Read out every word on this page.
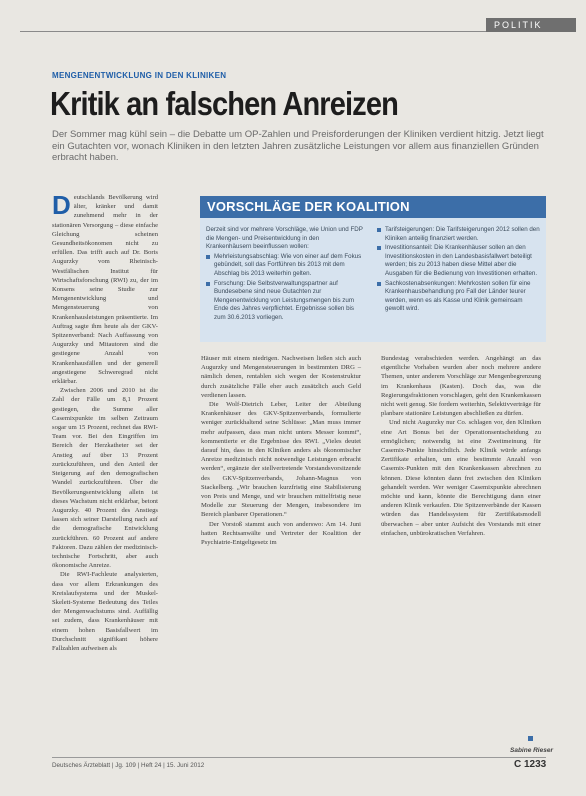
POLITIK
MENGENENTWICKLUNG IN DEN KLINIKEN
Kritik an falschen Anreizen
Der Sommer mag kühl sein – die Debatte um OP-Zahlen und Preisforderungen der Kliniken verdient hitzig. Jetzt liegt ein Gutachten vor, wonach Kliniken in den letzten Jahren zusätzliche Leistungen vor allem aus finanziellen Gründen erbracht haben.

Deutschlands Bevölkerung wird älter, kränker und damit zunehmend mehr in der stationären Versorgung – diese einfache Gleichung scheinen Gesundheitsökonomen nicht zu erfüllen. Das trifft auch auf Dr. Boris Augurzky vom Rheinisch-Westfälischen Institut für Wirtschaftsforschung (RWI) zu, der im Konsens seine Studie zur Mengenentwicklung und Mengensteuerung von Krankenhausleistungen präsentierte. Im Auftrag sagte ihm heute als der GKV-Spitzenverband: Nach Auffassung von Augurzky und Mitautoren sind die gestiegene Anzahl von Krankenhausfällen und der generell angestiegene Schweregrad nicht erklärbar.

Zwischen 2006 und 2010 ist die Zahl der Fälle um 8,1 Prozent gestiegen, die Summe aller Casemixpunkte im selben Zeitraum sogar um 15 Prozent, rechnet das RWI-Team vor. Bei den Eingriffen im Bereich der Herzkatheter sei der Anstieg auf über 13 Prozent zurückzuführen, und den Anteil der Steigerung auf den demografischen Wandel zurückzuführen. Über die Bevölkerungsentwicklung allein ist dieses Wachstum nicht erklärbar, betont Augurzky. 40 Prozent des Anstiegs lassen sich seiner Darstellung nach auf die demografische Entwicklung zurückführen. 60 Prozent auf andere Faktoren. Dazu zählen der medizinisch-technische Fortschritt, aber auch ökonomische Anreize.

Die RWI-Fachleute analysierten, dass vor allem Erkrankungen des Kreislaufsystems und der Muskel-Skelett-Systeme Bedeutung des Teiles der Mengenwachstums sind. Auffällig sei zudem, dass Krankenhäuser mit einem hohen Basisfallwert im Durchschnitt signifikant höhere Fallzahlen aufweisen als

VORSCHLÄGE DER KOALITION

Derzeit sind vor mehrere Vorschläge, wie Union und FDP die Mengen- und Preisentwicklung in den Krankenhäusern beeinflussen wollen:

Mehrleistungsabschlag: Wie von einer auf dem Fokus gebündelt, soll das Fortführen bis 2013 mit dem Abschlag bis 2013 weiterhin gelten.

Forschung: Die Selbstverwaltungspartner auf Bundesebene sind neue Gutachten zur Mengenentwicklung von Leistungsmengen bis zum Ende des Jahres verpflichtet. Ergebnisse sollen bis zum 30.6.2013 vorliegen.

Tarifsteigerungen: Die Tarifsteigerungen 2012 sollen den Kliniken anteilig finanziert werden.

Investitionsanteil: Die Krankenhäuser sollen an den Investitionskosten in den Landesbasisfallwert beteiligt werden; bis zu 2013 haben diese Mittel aber die Ausgaben für die Bedienung von Investitionen erhalten.

Sachkostenabsenkungen: Mehrkosten sollen für eine Krankenhausbehandlung pro Fall der Länder teurer werden, wenn es als Kasse und Klinik gemeinsam gewollt wird.

Häuser mit einem niedrigen. Nachweisen ließen sich auch Augurzky und Mengensteuerungen in bestimmten DRG – nämlich denen, rentablen sich wegen der Kostenstruktur durch zusätzliche Fälle eher auch zusätzlich auch Geld verdienen lassen.

Die Wolf-Dietrich Leber, Leiter der Abteilung Krankenhäuser des GKV-Spitzenverbands, formulierte weniger zurückhaltend seine Schlüsse: „Man muss immer mehr aufpassen, dass man nicht unters Messer kommt“, kommentierte er die Ergebnisse des RWI. „Vieles deutet darauf hin, dass in den Kliniken anders als ökonomischer Anreize medizinisch nicht notwendige Leistungen erbracht werden“, ergänzte der stellvertretende Vorstandsvorsitzende des GKV-Spitzenverbands, Johann-Magnus von Stackelberg. „Wir brauchen kurzfristig eine Stabilisierung von Preis und Menge, und wir brauchen mittelfristig neue Modelle zur Steuerung der Mengen, insbesondere im Bereich planbarer Operationen.“

Der Vorstoß stammt auch von anderswo: Am 14. Juni hatten Rechtsanwälte und Vertreter der Koalition der Psychiatrie-Entgeltgesetz im

Bundestag verabschieden werden. Angehängt an das eigentliche Vorhaben wurden aber noch mehrere andere Themen, unter anderem Vorschläge zur Mengenbegrenzung im Krankenhaus (Kasten). Doch das, was die Regierungsfraktionen vorschlagen, geht den Krankenkassen nicht weit genug. Sie fordern weiterhin, Selektivverträge für planbare stationäre Leistungen abschließen zu dürfen.

Und nicht Augurzky nur Co. schlagen vor, den Kliniken eine Art Bonus bei der Operationsentscheidung zu ermöglichen; notwendig ist eine Zweitmeinung für Casemix-Punkte hinsichtlich. Jede Klinik würde anfangs Zertifikate erhalten, um eine bestimmte Anzahl von Casemix-Punkten mit den Krankenkassen abrechnen zu können. Diese könnten dann frei zwischen den Kliniken gehandelt werden. Wer weniger Casemixpunkte abrechnen möchte und kann, könnte die Berechtigung dann einer anderen Klinik verkaufen. Die Spitzenverbände der Kassen würden das Handelssystem für Zertifikatsmodell überwachen – aber unter Aufsicht des Vorstands mit einer einfachen, unbürokratischen Verfahren.

Sabine Rieser
Deutsches Ärzteblatt | Jg. 109 | Heft 24 | 15. Juni 2012	C 1233
